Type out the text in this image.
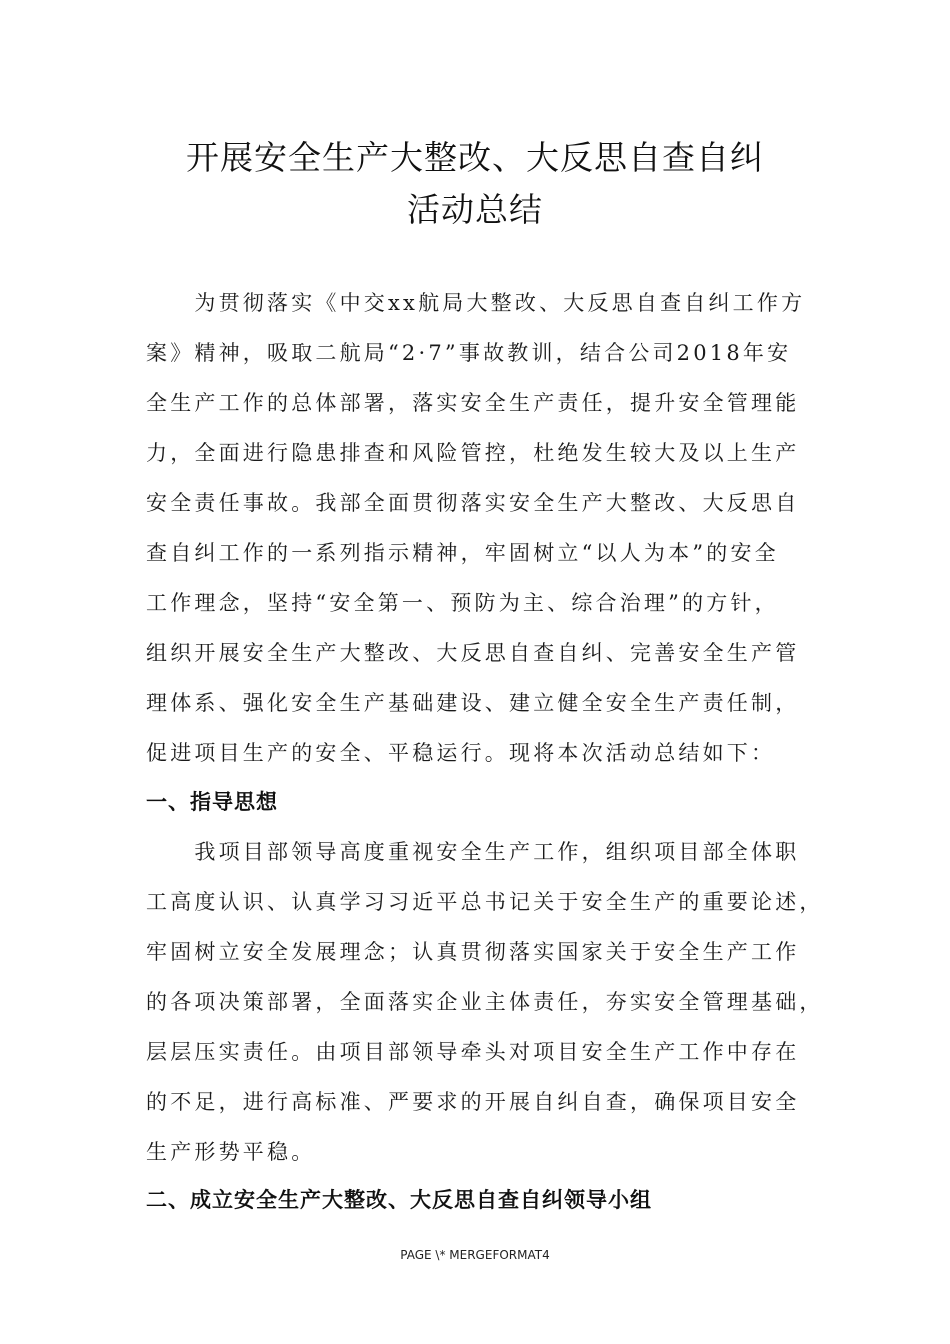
开展安全生产大整改、大反思自查自纠
活动总结
　　为贯彻落实《中交xx航局大整改、大反思自查自纠工作方
案》精神，吸取二航局“2·7”事故教训，结合公司2018年安
全生产工作的总体部署，落实安全生产责任，提升安全管理能
力，全面进行隐患排查和风险管控，杜绝发生较大及以上生产
安全责任事故。我部全面贯彻落实安全生产大整改、大反思自
查自纠工作的一系列指示精神，牢固树立“以人为本”的安全
工作理念，坚持“安全第一、预防为主、综合治理”的方针，
组织开展安全生产大整改、大反思自查自纠、完善安全生产管
理体系、强化安全生产基础建设、建立健全安全生产责任制，
促进项目生产的安全、平稳运行。现将本次活动总结如下：
一、指导思想
　　我项目部领导高度重视安全生产工作，组织项目部全体职
工高度认识、认真学习习近平总书记关于安全生产的重要论述，
牢固树立安全发展理念；认真贯彻落实国家关于安全生产工作
的各项决策部署，全面落实企业主体责任，夯实安全管理基础，
层层压实责任。由项目部领导牵头对项目安全生产工作中存在
的不足，进行高标准、严要求的开展自纠自查，确保项目安全
生产形势平稳。
二、成立安全生产大整改、大反思自查自纠领导小组
PAGE \* MERGEFORMAT4
